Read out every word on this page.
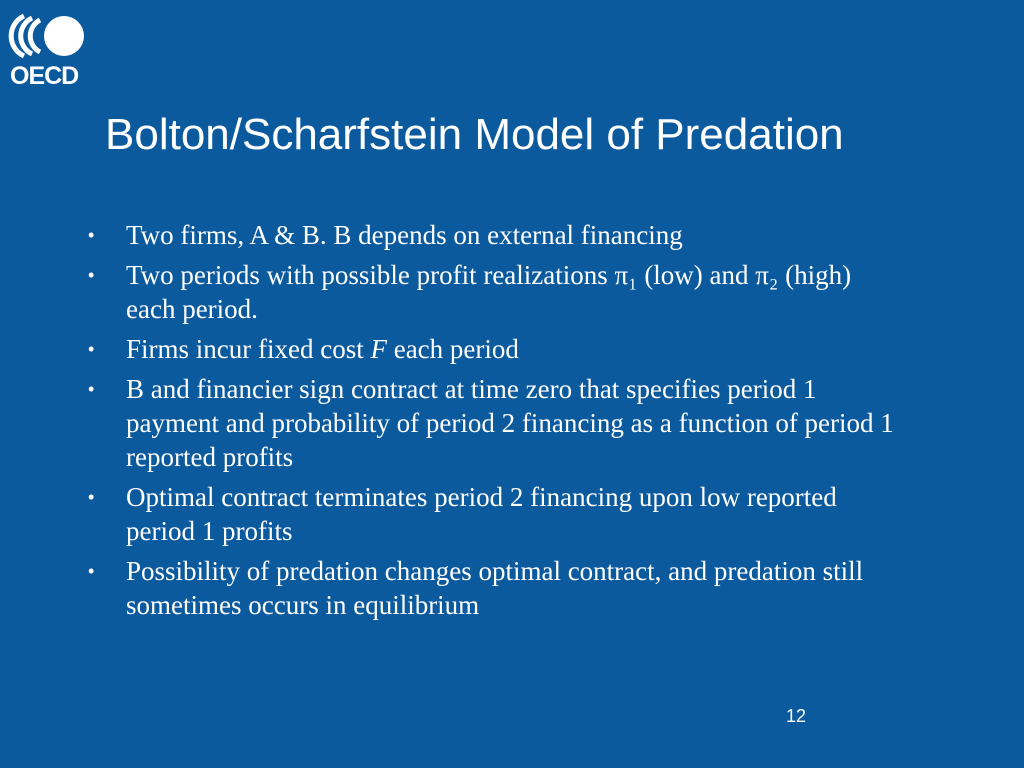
OECD
Bolton/Scharfstein Model of Predation
• Two firms, A & B. B depends on external financing
• Two periods with possible profit realizations π₁ (low) and π₂ (high) each period.
• Firms incur fixed cost F each period
• B and financier sign contract at time zero that specifies period 1 payment and probability of period 2 financing as a function of period 1 reported profits
• Optimal contract terminates period 2 financing upon low reported period 1 profits
• Possibility of predation changes optimal contract, and predation still sometimes occurs in equilibrium
12
